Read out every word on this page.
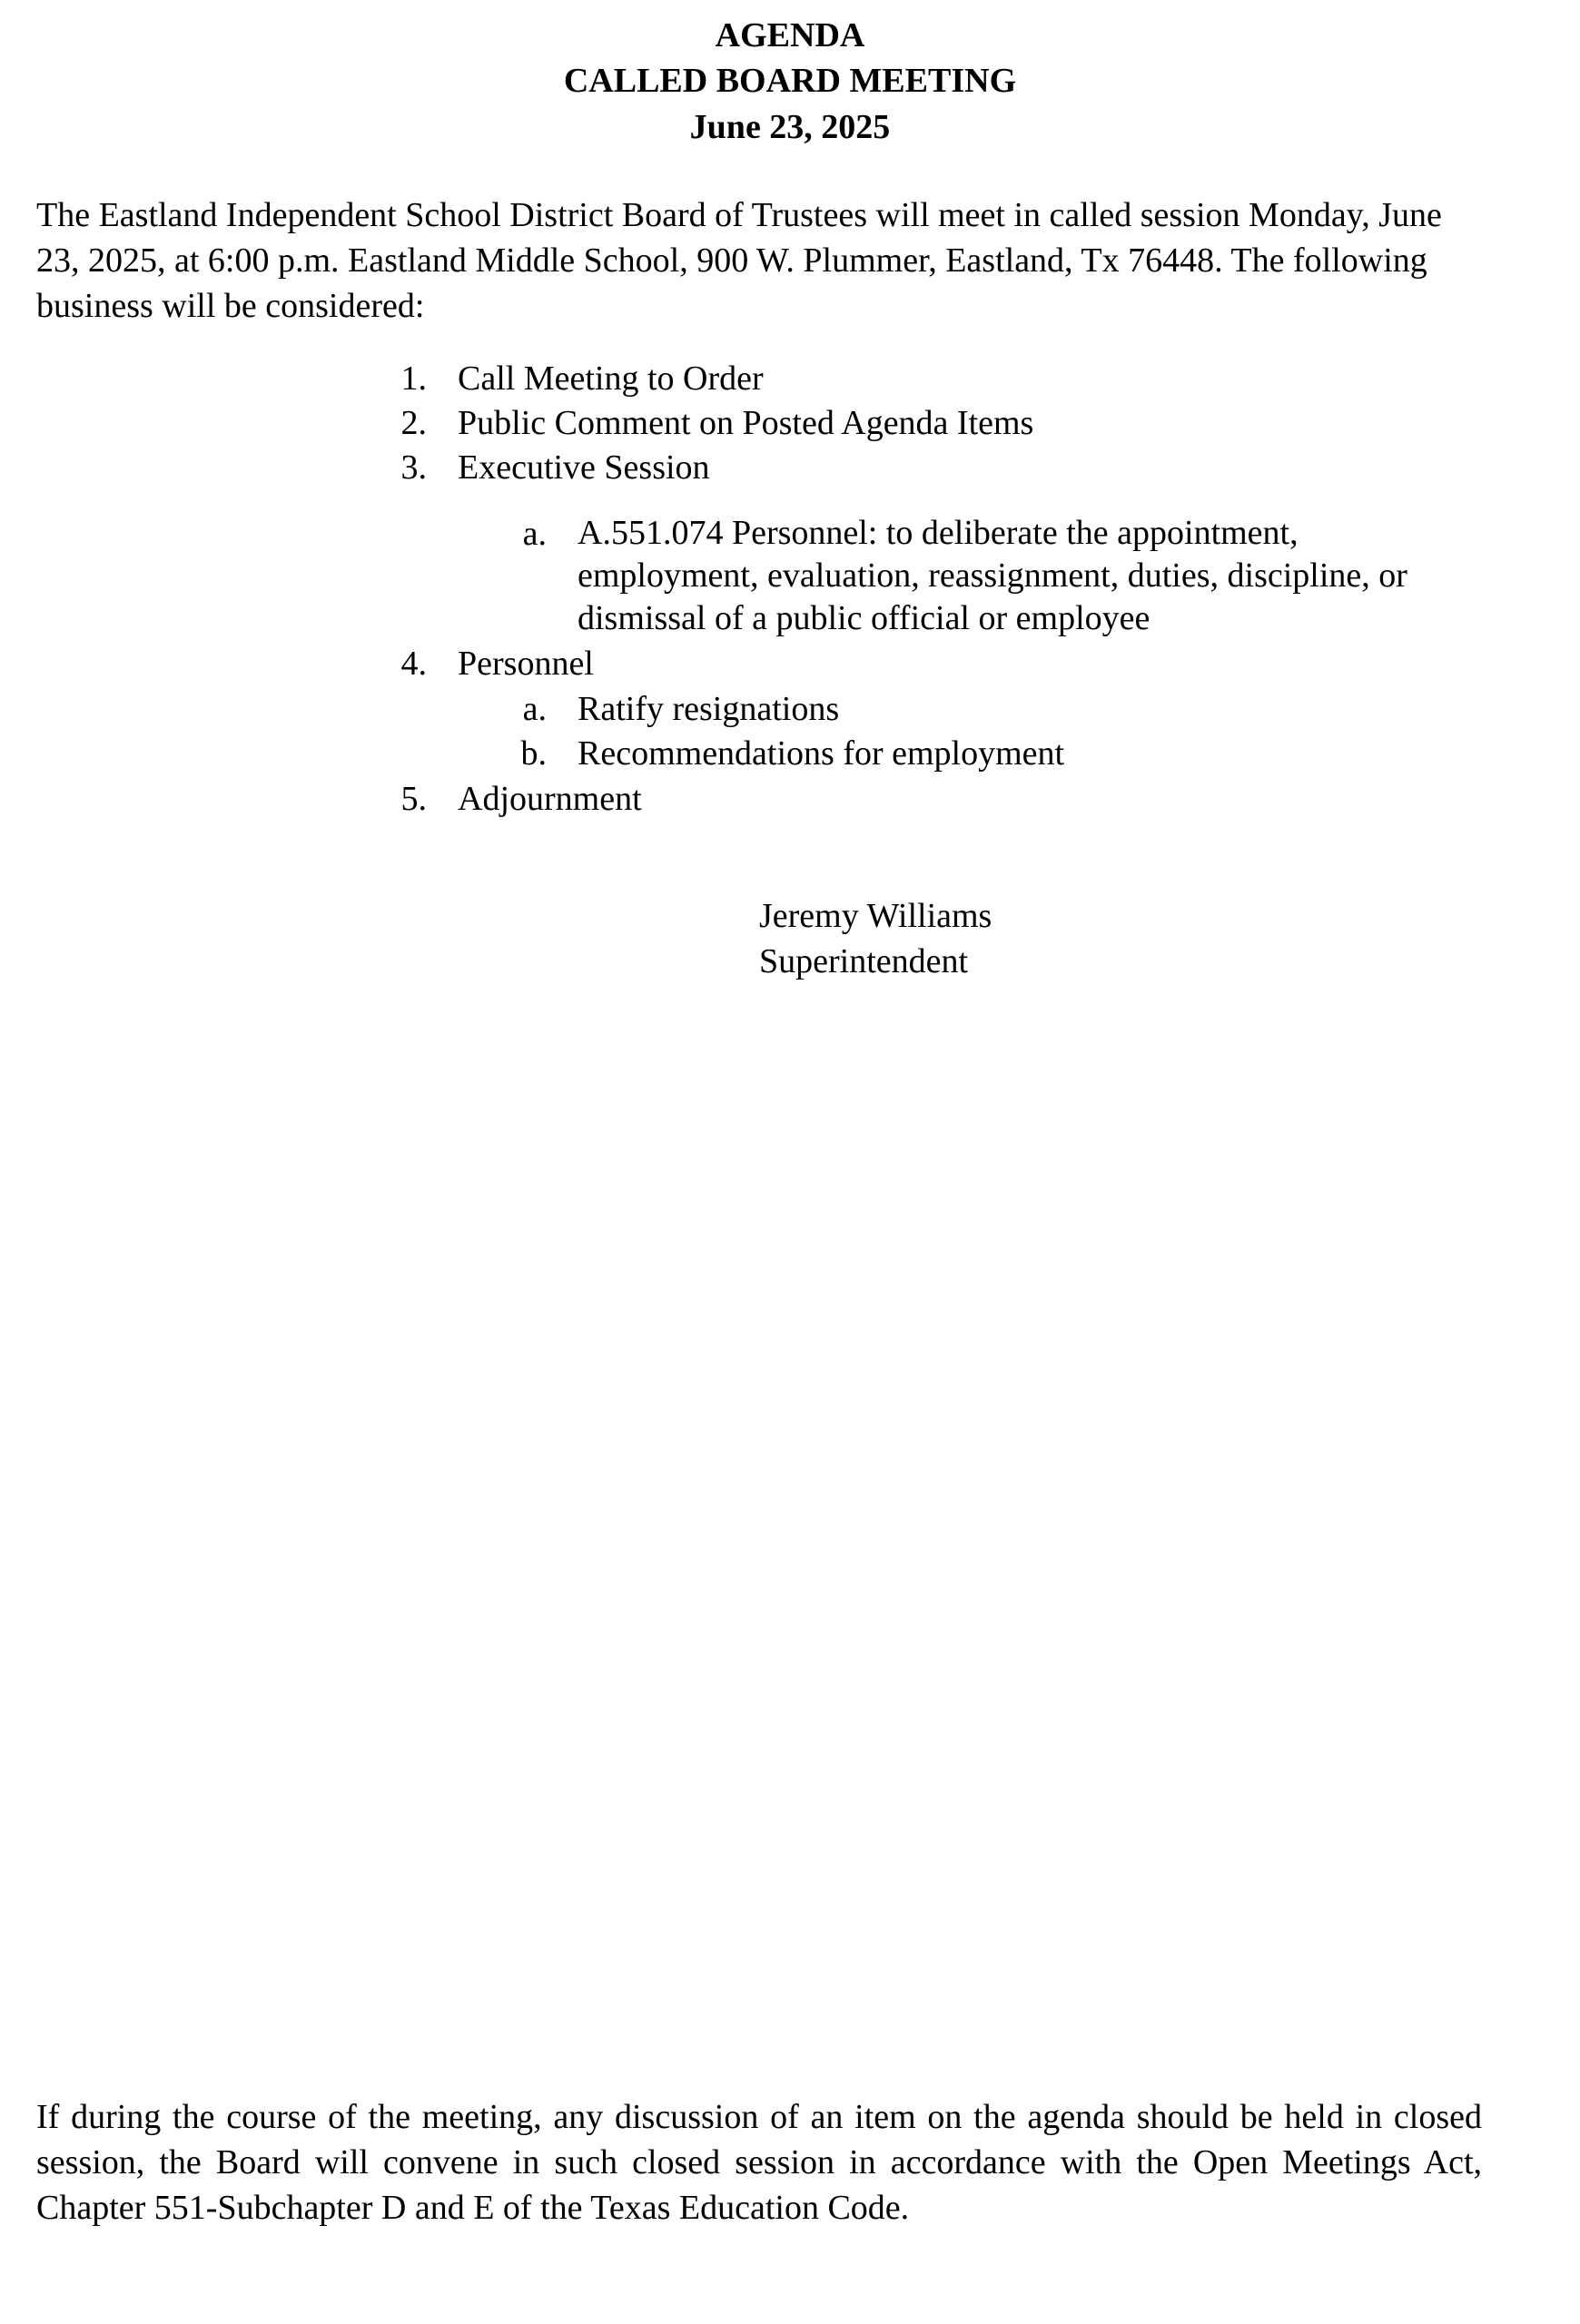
AGENDA
CALLED BOARD MEETING
June 23, 2025
The Eastland Independent School District Board of Trustees will meet in called session Monday, June 23, 2025, at 6:00 p.m. Eastland Middle School, 900 W. Plummer, Eastland, Tx 76448. The following business will be considered:
1. Call Meeting to Order
2. Public Comment on Posted Agenda Items
3. Executive Session
a. A.551.074 Personnel: to deliberate the appointment, employment, evaluation, reassignment, duties, discipline, or dismissal of a public official or employee
4. Personnel
a. Ratify resignations
b. Recommendations for employment
5. Adjournment
Jeremy Williams
Superintendent
If during the course of the meeting, any discussion of an item on the agenda should be held in closed session, the Board will convene in such closed session in accordance with the Open Meetings Act, Chapter 551-Subchapter D and E of the Texas Education Code.
